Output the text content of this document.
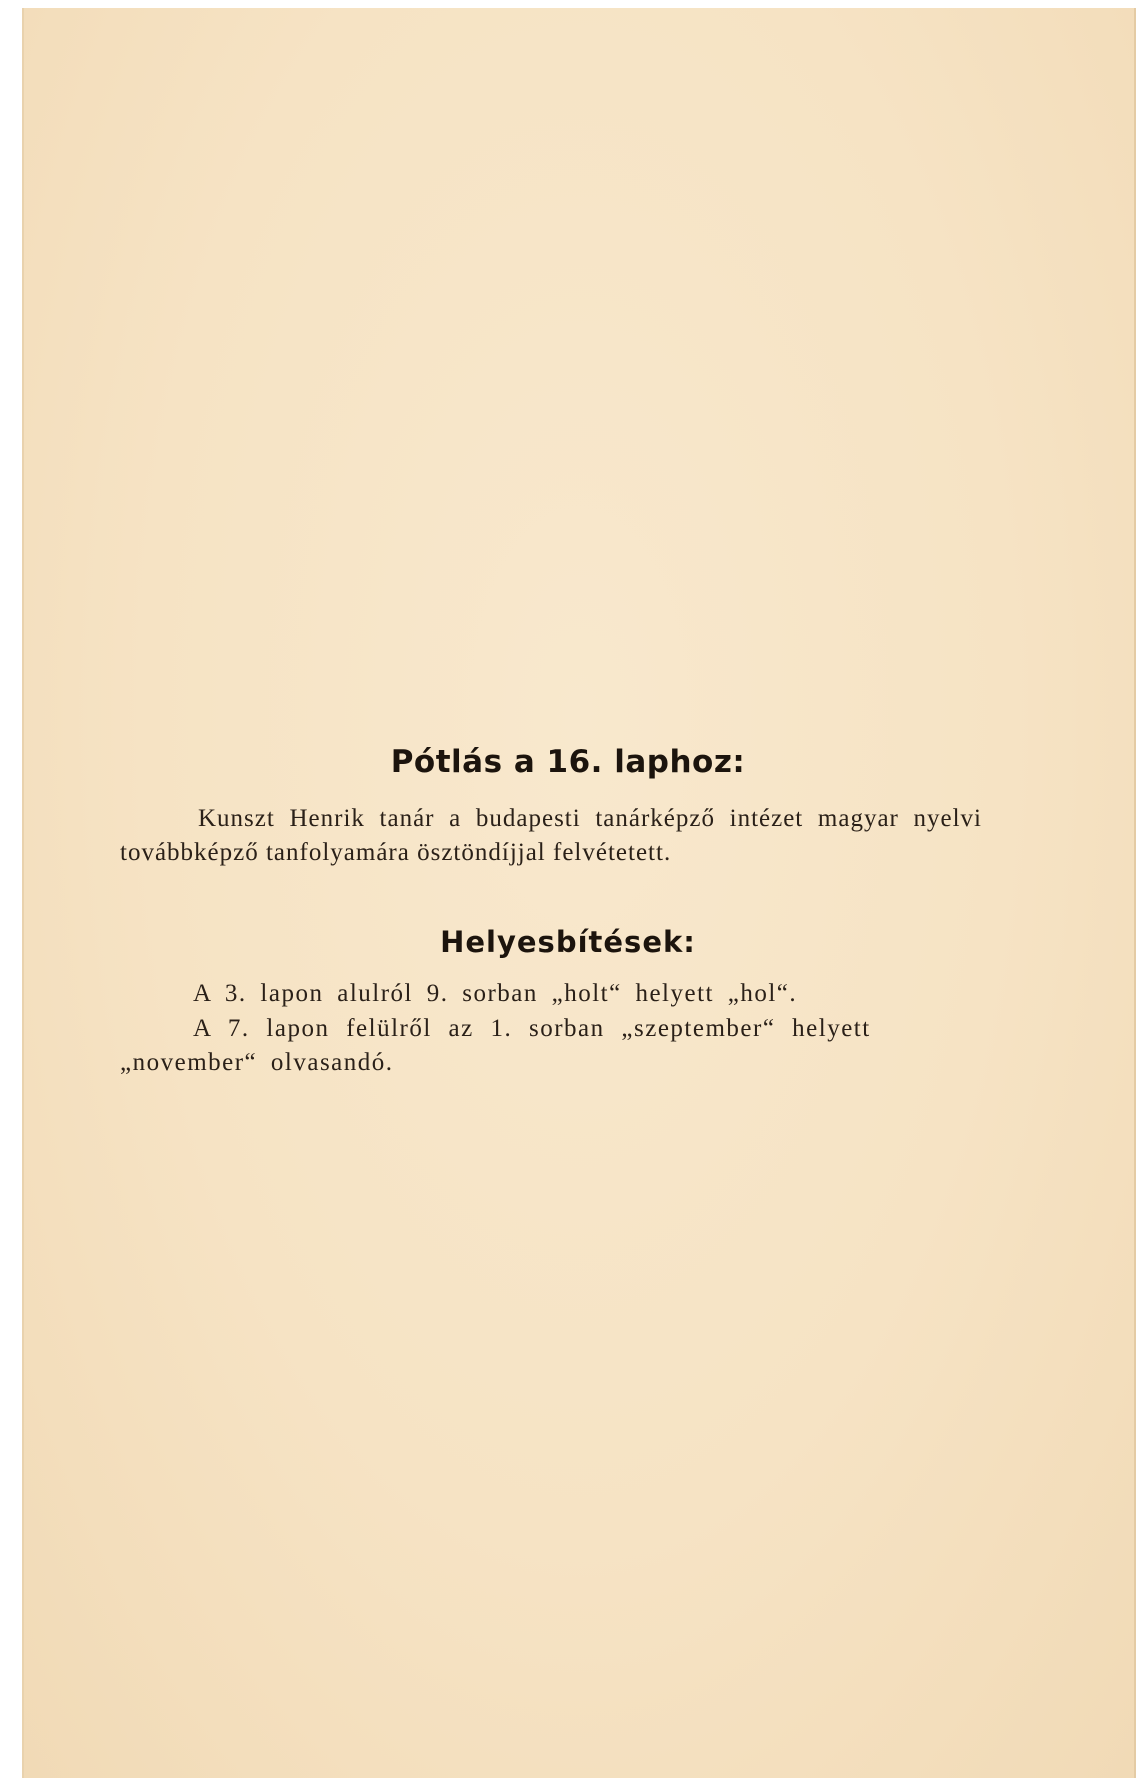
Pótlás a 16. laphoz:

Kunszt Henrik tanár a budapesti tanárképző intézet magyar nyelvi továbbképző tanfolyamára ösztöndíjjal felvétetett.

Helyesbítések:

A 3. lapon alulról 9. sorban „holt“ helyett „hol“.

A 7. lapon felülről az 1. sorban „szeptember“ helyett

„november“ olvasandó.
